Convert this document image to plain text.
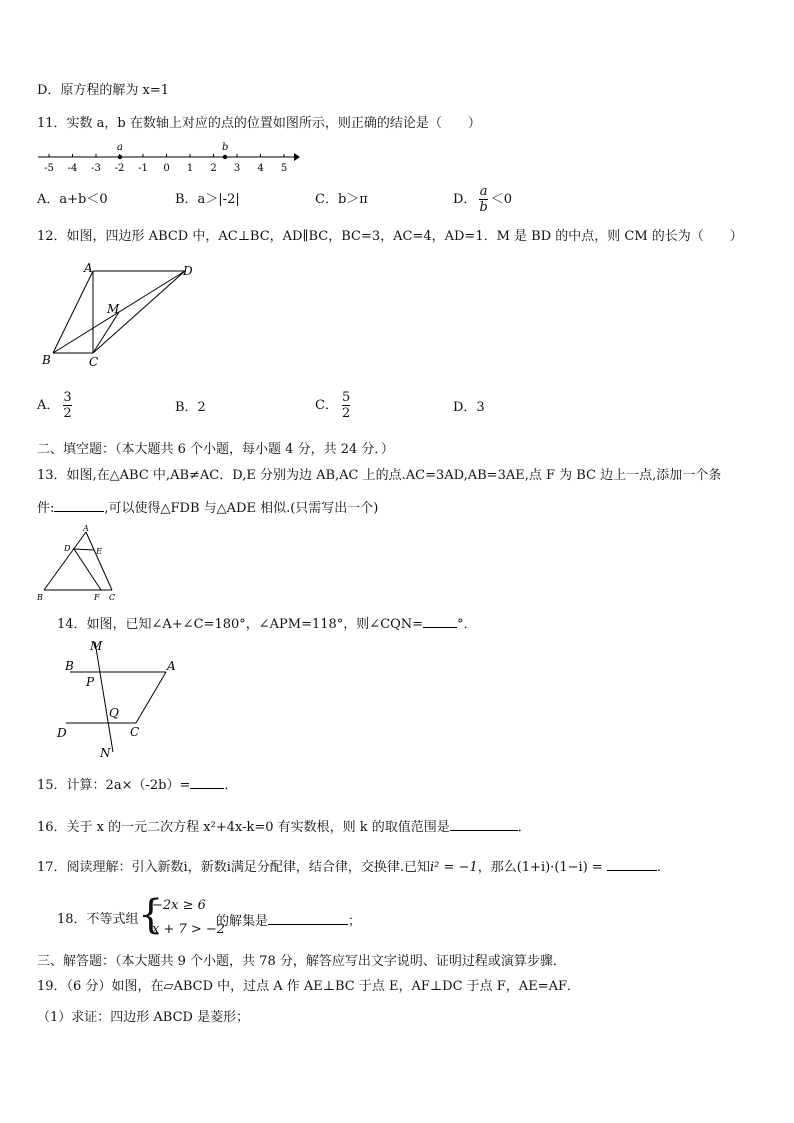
D．原方程的解为 x=1
11．实数 a，b 在数轴上对应的点的位置如图所示，则正确的结论是（　　）
-5 -4 -3 -2 -1 0 1 2 3 4 5
a	b
A．a+b＜0	B．a＞|-2|	C．b＞π	D． $\frac{a}{b} <0$
12．如图，四边形 ABCD 中，AC⊥BC，AD∥BC，BC=3，AC=4，AD=1．M 是 BD 的中点，则 CM 的长为（　　）
A	D
M
B	C
A． $\frac{3}{2}$	B．2	C． $\frac{5}{2}$	D．3
二、填空题：（本大题共 6 个小题，每小题 4 分，共 24 分．）
13．如图,在△ABC 中,AB≠AC．D,E 分别为边 AB,AC 上的点.AC=3AD,AB=3AE,点 F 为 BC 边上一点,添加一个条
件:	,可以使得△FDB 与△ADE 相似.(只需写出一个)
A
D	E
B	F C
14．如图，已知∠A+∠C=180°，∠APM=118°，则∠CQN=	°．
M
B	A
P
Q
D	C
N
15．计算：2a×（-2b）=	．
16．关于 x 的一元二次方程 x²+4x-k=0 有实数根，则 k 的取值范围是	．
17．阅读理解：引入新数i，新数i满足分配律，结合律，交换律.已知i² = −1，那么(1+i)·(1−i) =	.
18．不等式组 {
−2x ≥ 6
x + 7 > −2
的解集是	；
三、解答题：（本大题共 9 个小题，共 78 分，解答应写出文字说明、证明过程或演算步骤．
19．（6 分）如图，在▱ABCD 中，过点 A 作 AE⊥BC 于点 E，AF⊥DC 于点 F，AE=AF．
（1）求证：四边形 ABCD 是菱形；
